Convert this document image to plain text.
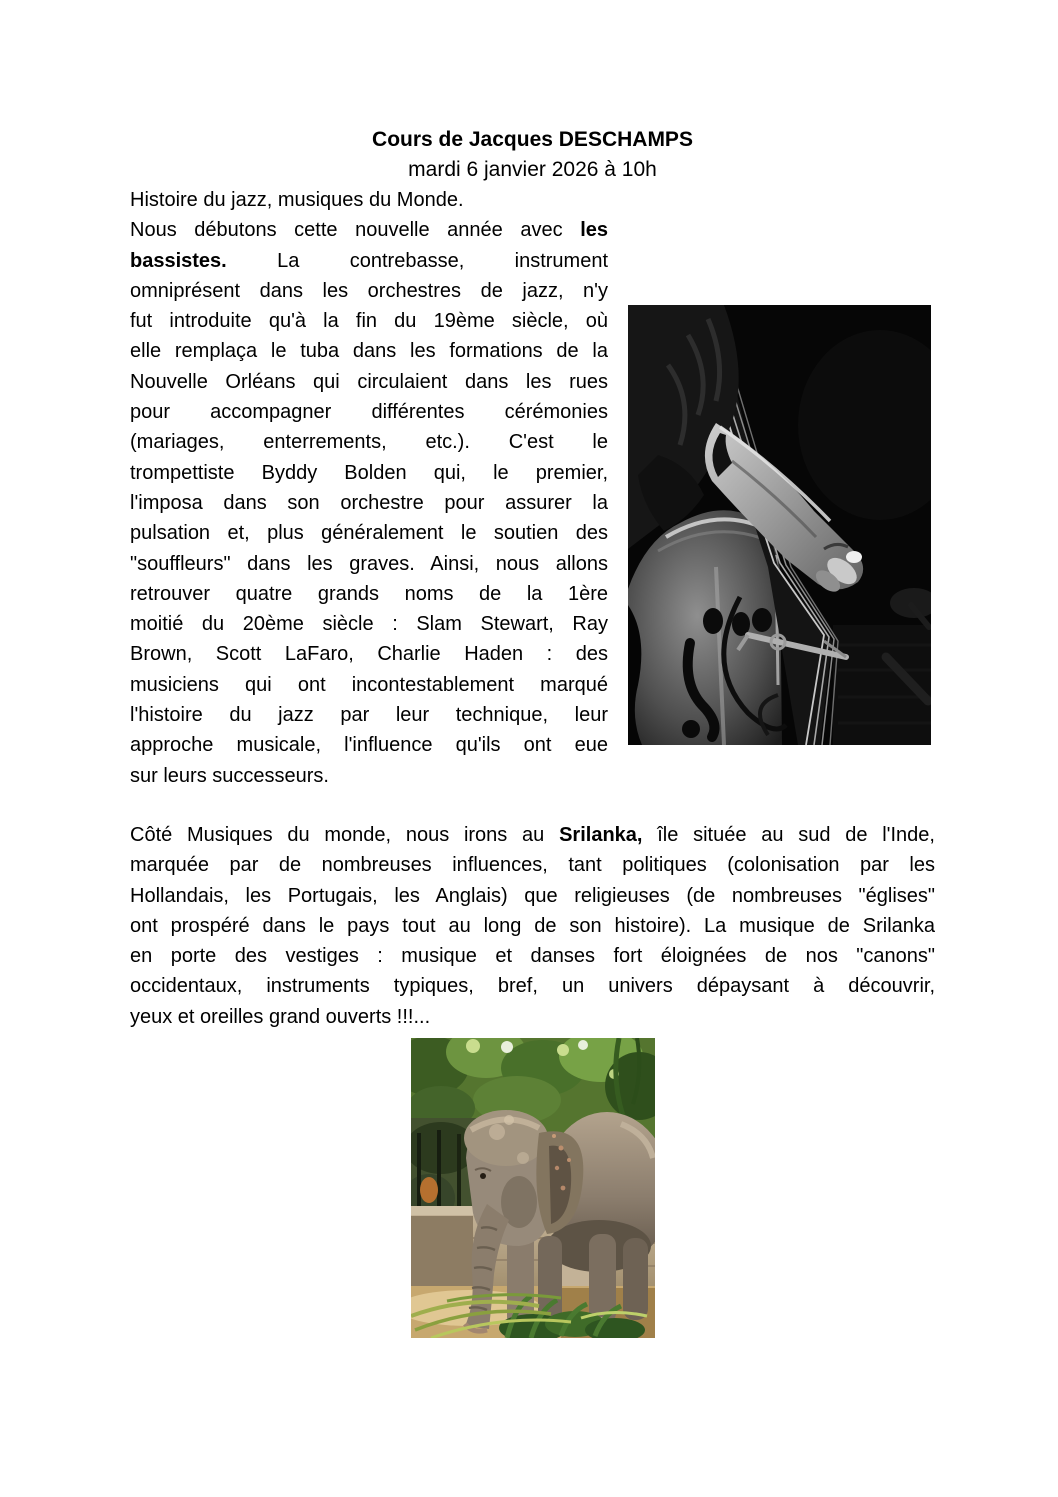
Cours de Jacques DESCHAMPS
mardi 6 janvier 2026 à 10h
Histoire du jazz, musiques du Monde.
Nous débutons cette nouvelle année avec les
bassistes. La contrebasse, instrument
omniprésent dans les orchestres de jazz, n'y
fut introduite qu'à la fin du 19ème siècle, où
elle remplaça le tuba dans les formations de la
Nouvelle Orléans qui circulaient dans les rues
pour accompagner différentes cérémonies
(mariages, enterrements, etc.). C'est le
trompettiste Byddy Bolden qui, le premier,
l'imposa dans son orchestre pour assurer la
pulsation et, plus généralement le soutien des
"souffleurs" dans les graves. Ainsi, nous allons
retrouver quatre grands noms de la 1ère
moitié du 20ème siècle : Slam Stewart, Ray
Brown, Scott LaFaro, Charlie Haden : des
musiciens qui ont incontestablement marqué
l'histoire du jazz par leur technique, leur
approche musicale, l'influence qu'ils ont eue
sur leurs successeurs.
Côté Musiques du monde, nous irons au Srilanka, île située au sud de l'Inde,
marquée par de nombreuses influences, tant politiques (colonisation par les
Hollandais, les Portugais, les Anglais) que religieuses (de nombreuses "églises"
ont prospéré dans le pays tout au long de son histoire). La musique de Srilanka
en porte des vestiges : musique et danses fort éloignées de nos "canons"
occidentaux, instruments typiques, bref, un univers dépaysant à découvrir,
yeux et oreilles grand ouverts !!!...
